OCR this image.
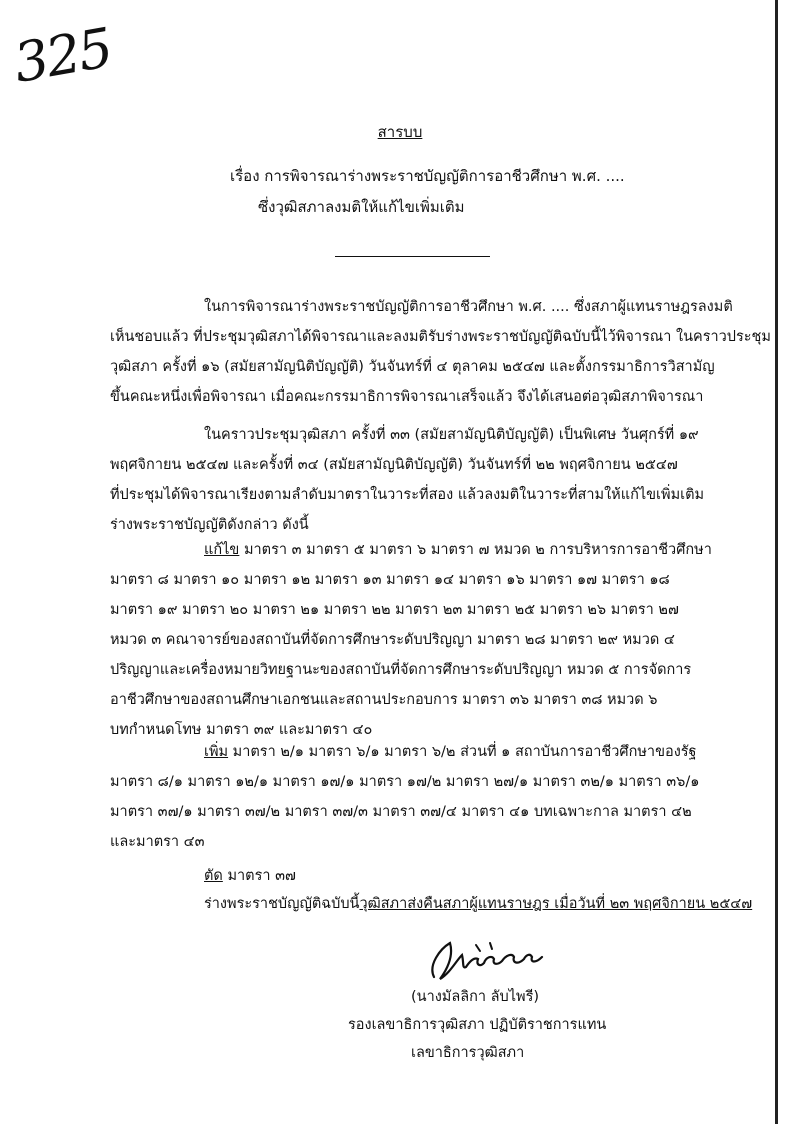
325
สารบบ
เรื่อง การพิจารณาร่างพระราชบัญญัติการอาชีวศึกษา พ.ศ. ....
ซึ่งวุฒิสภาลงมติให้แก้ไขเพิ่มเติม

ในการพิจารณาร่างพระราชบัญญัติการอาชีวศึกษา พ.ศ. .... ซึ่งสภาผู้แทนราษฎรลงมติ
เห็นชอบแล้ว ที่ประชุมวุฒิสภาได้พิจารณาและลงมติรับร่างพระราชบัญญัติฉบับนี้ไว้พิจารณา ในคราวประชุม
วุฒิสภา ครั้งที่ ๑๖ (สมัยสามัญนิติบัญญัติ) วันจันทร์ที่ ๔ ตุลาคม ๒๕๔๗ และตั้งกรรมาธิการวิสามัญ
ขึ้นคณะหนึ่งเพื่อพิจารณา เมื่อคณะกรรมาธิการพิจารณาเสร็จแล้ว จึงได้เสนอต่อวุฒิสภาพิจารณา

ในคราวประชุมวุฒิสภา ครั้งที่ ๓๓ (สมัยสามัญนิติบัญญัติ) เป็นพิเศษ วันศุกร์ที่ ๑๙
พฤศจิกายน ๒๕๔๗ และครั้งที่ ๓๔ (สมัยสามัญนิติบัญญัติ) วันจันทร์ที่ ๒๒ พฤศจิกายน ๒๕๔๗
ที่ประชุมได้พิจารณาเรียงตามลำดับมาตราในวาระที่สอง แล้วลงมติในวาระที่สามให้แก้ไขเพิ่มเติม
ร่างพระราชบัญญัติดังกล่าว ดังนี้

แก้ไข มาตรา ๓ มาตรา ๕ มาตรา ๖ มาตรา ๗ หมวด ๒ การบริหารการอาชีวศึกษา
มาตรา ๘ มาตรา ๑๐ มาตรา ๑๒ มาตรา ๑๓ มาตรา ๑๔ มาตรา ๑๖ มาตรา ๑๗ มาตรา ๑๘
มาตรา ๑๙ มาตรา ๒๐ มาตรา ๒๑ มาตรา ๒๒ มาตรา ๒๓ มาตรา ๒๕ มาตรา ๒๖ มาตรา ๒๗
หมวด ๓ คณาจารย์ของสถาบันที่จัดการศึกษาระดับปริญญา มาตรา ๒๘ มาตรา ๒๙ หมวด ๔
ปริญญาและเครื่องหมายวิทยฐานะของสถาบันที่จัดการศึกษาระดับปริญญา หมวด ๕ การจัดการ
อาชีวศึกษาของสถานศึกษาเอกชนและสถานประกอบการ มาตรา ๓๖ มาตรา ๓๘ หมวด ๖
บทกำหนดโทษ มาตรา ๓๙ และมาตรา ๔๐

เพิ่ม มาตรา ๒/๑ มาตรา ๖/๑ มาตรา ๖/๒ ส่วนที่ ๑ สถาบันการอาชีวศึกษาของรัฐ
มาตรา ๘/๑ มาตรา ๑๒/๑ มาตรา ๑๗/๑ มาตรา ๑๗/๒ มาตรา ๒๗/๑ มาตรา ๓๒/๑ มาตรา ๓๖/๑
มาตรา ๓๗/๑ มาตรา ๓๗/๒ มาตรา ๓๗/๓ มาตรา ๓๗/๔ มาตรา ๔๑ บทเฉพาะกาล มาตรา ๔๒
และมาตรา ๔๓

ตัด มาตรา ๓๗

ร่างพระราชบัญญัติฉบับนี้วุฒิสภาส่งคืนสภาผู้แทนราษฎร เมื่อวันที่ ๒๓ พฤศจิกายน ๒๕๔๗

(นางมัลลิกา ลับไพรี)
รองเลขาธิการวุฒิสภา ปฏิบัติราชการแทน
เลขาธิการวุฒิสภา
